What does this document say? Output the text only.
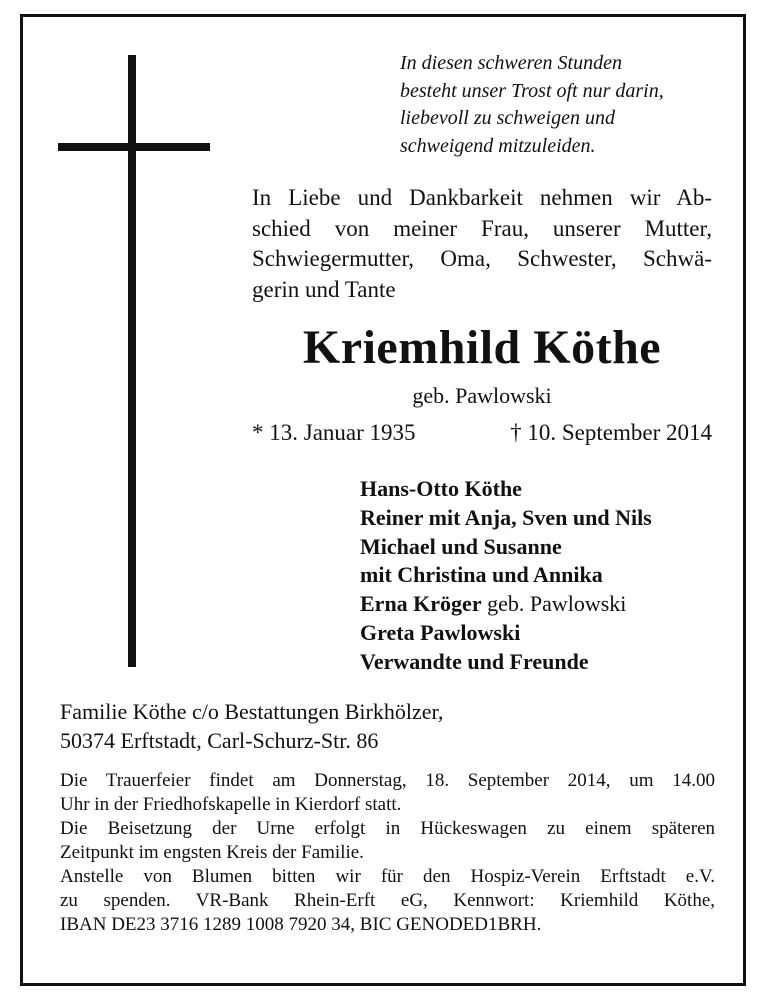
In diesen schweren Stunden
besteht unser Trost oft nur darin,
liebevoll zu schweigen und
schweigend mitzuleiden.
In Liebe und Dankbarkeit nehmen wir Ab-
schied von meiner Frau, unserer Mutter,
Schwiegermutter, Oma, Schwester, Schwä-
gerin und Tante
Kriemhild Köthe
geb. Pawlowski
* 13. Januar 1935	† 10. September 2014
Hans-Otto Köthe
Reiner mit Anja, Sven und Nils
Michael und Susanne
mit Christina und Annika
Erna Kröger geb. Pawlowski
Greta Pawlowski
Verwandte und Freunde
Familie Köthe c/o Bestattungen Birkhölzer,
50374 Erftstadt, Carl-Schurz-Str. 86
Die Trauerfeier findet am Donnerstag, 18. September 2014, um 14.00
Uhr in der Friedhofskapelle in Kierdorf statt.
Die Beisetzung der Urne erfolgt in Hückeswagen zu einem späteren
Zeitpunkt im engsten Kreis der Familie.
Anstelle von Blumen bitten wir für den Hospiz-Verein Erftstadt e.V.
zu spenden. VR-Bank Rhein-Erft eG, Kennwort: Kriemhild Köthe,
IBAN DE23 3716 1289 1008 7920 34, BIC GENODED1BRH.
